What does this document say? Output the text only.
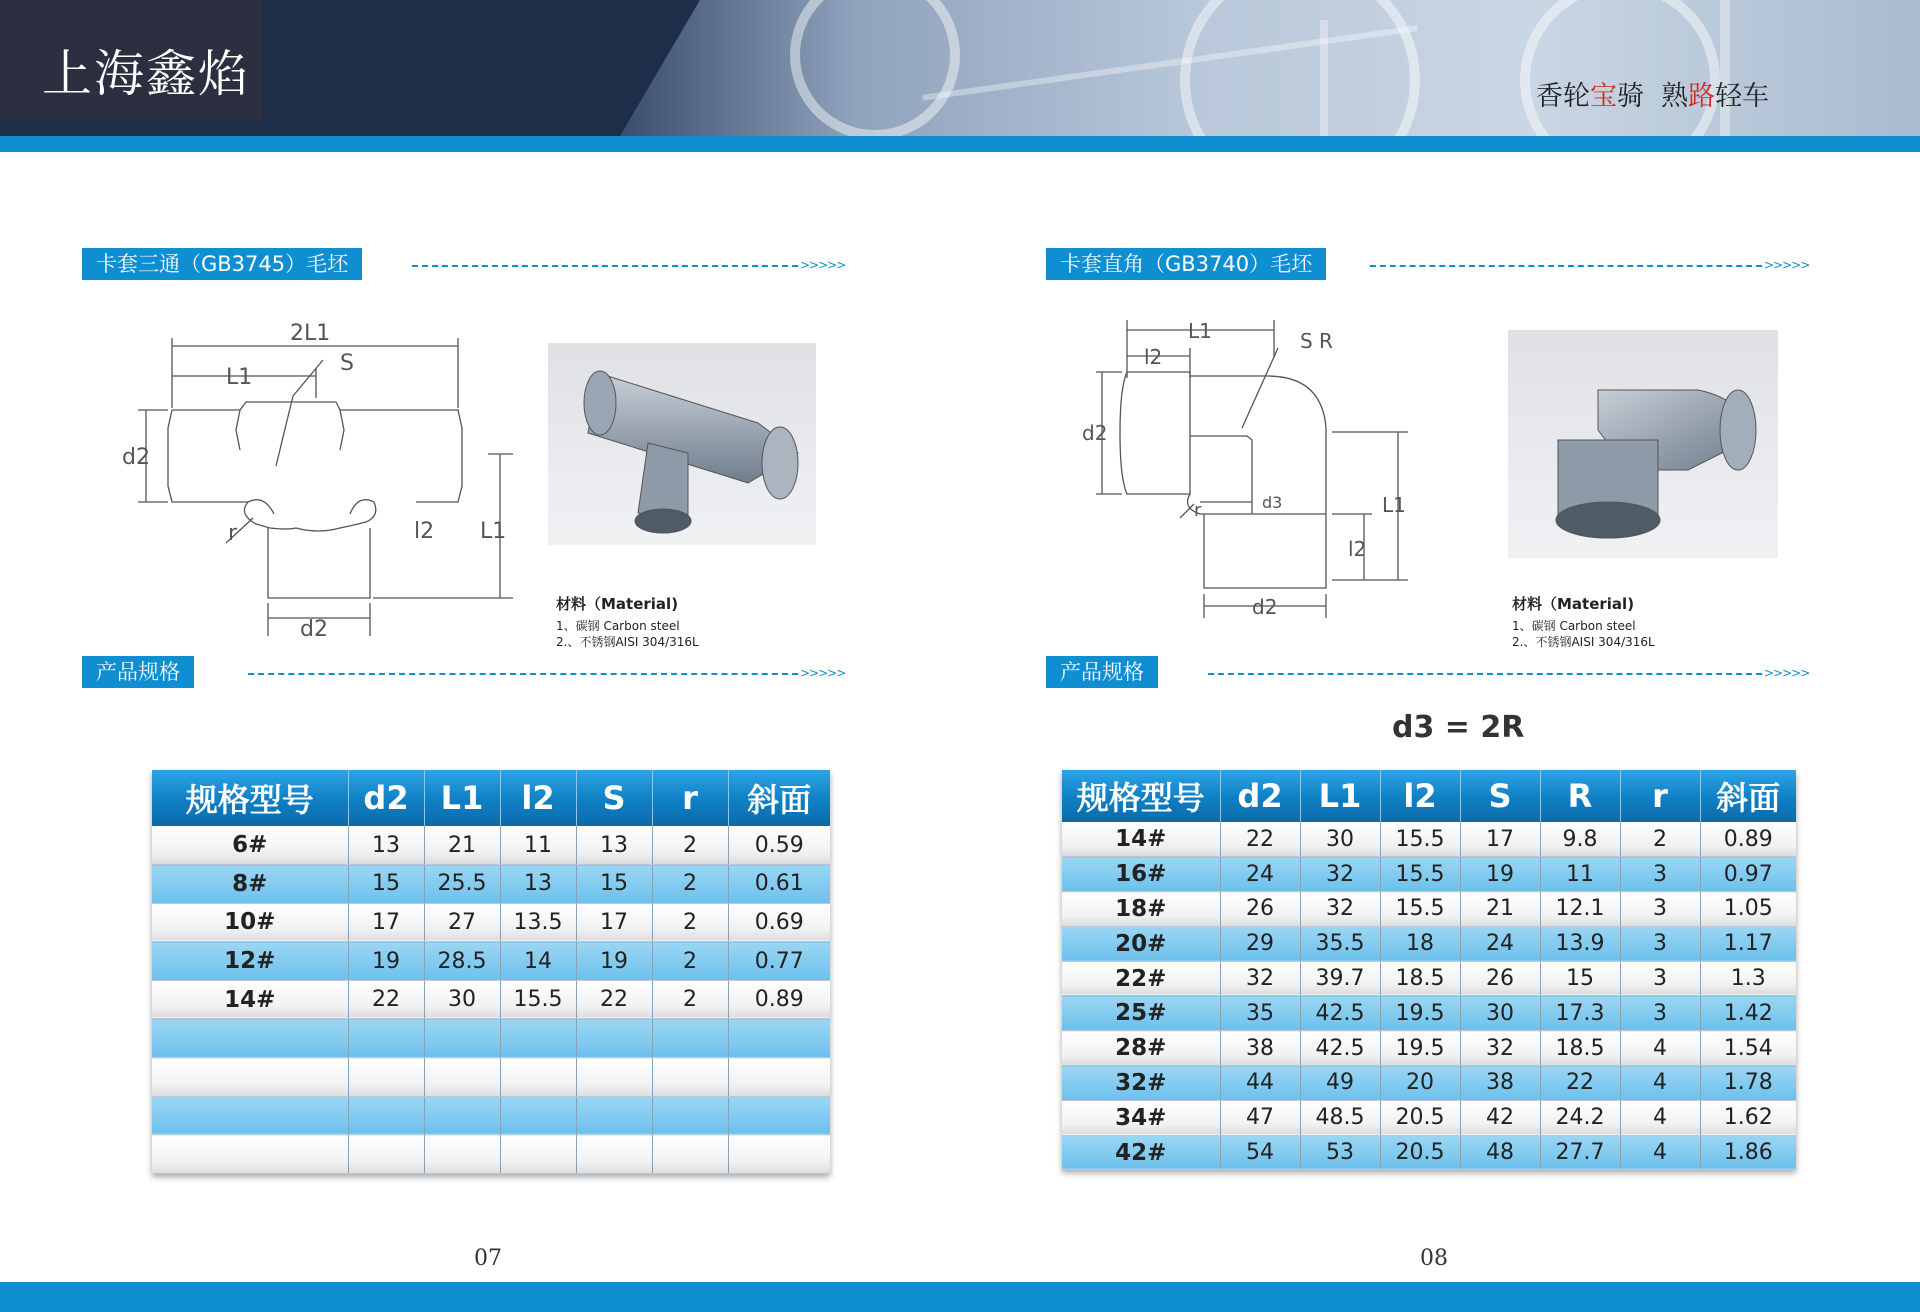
上海鑫焰	香轮宝骑 熟路轻车
卡套三通（GB3745）毛坯	>>>>>
2L1
L1
S
d2
r	l2 L1
d2
材料（Material)
1、碳钢 Carbon steel
2.、不锈钢AISI 304/316L
产品规格	>>>>>
规格型号	d2	L1	l2	S	r	斜面
6#	13	21	11	13	2	0.59
8#	15	25.5	13	15	2	0.61
10#	17	27	13.5	17	2	0.69
12#	19	28.5	14	19	2	0.77
14#	22	30	15.5	22	2	0.89

07
卡套直角（GB3740）毛坯	>>>>>
L1
l2
S R
d2
d3
r	L1
l2
d2	材料（Material)
1、碳钢 Carbon steel
2.、不锈钢AISI 304/316L
产品规格	>>>>>
d3 = 2R
规格型号	d2	L1	l2	S	R	r	斜面
14#	22	30	15.5	17	9.8	2	0.89
16#	24	32	15.5	19	11	3	0.97
18#	26	32	15.5	21	12.1	3	1.05
20#	29	35.5	18	24	13.9	3	1.17
22#	32	39.7	18.5	26	15	3	1.3
25#	35	42.5	19.5	30	17.3	3	1.42
28#	38	42.5	19.5	32	18.5	4	1.54
32#	44	49	20	38	22	4	1.78
34#	47	48.5	20.5	42	24.2	4	1.62
42#	54	53	20.5	48	27.7	4	1.86
08
